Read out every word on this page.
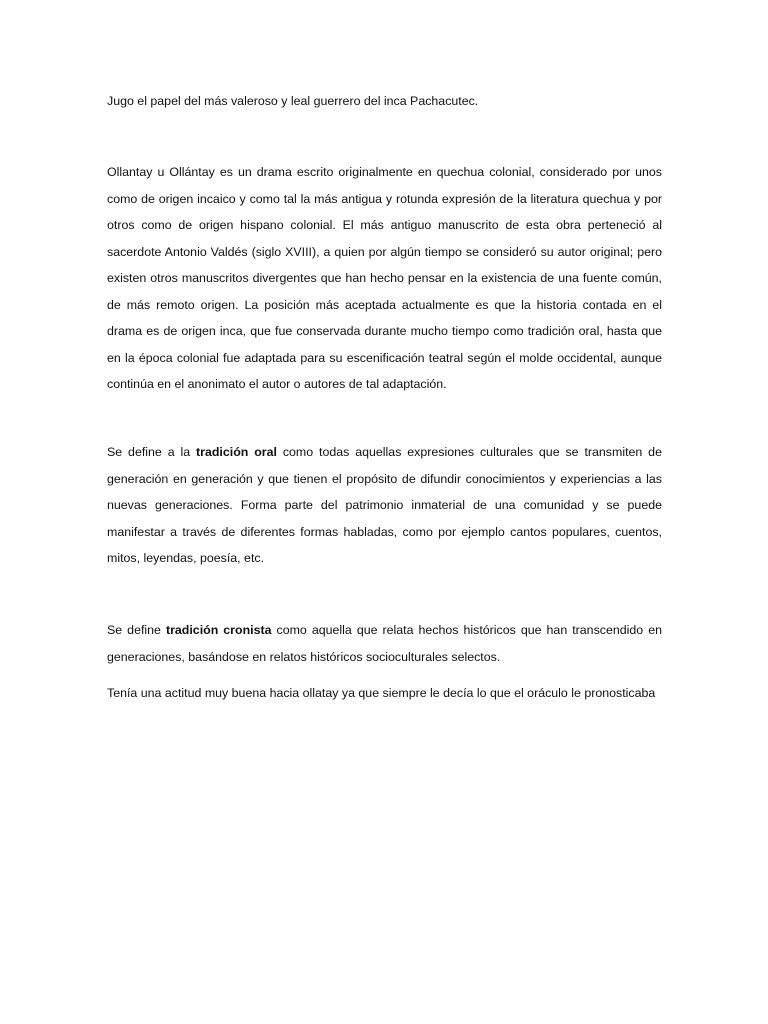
Jugo el papel del más valeroso y leal guerrero del inca Pachacutec.

Ollantay u Ollántay es un drama escrito originalmente en quechua colonial, considerado por unos como de origen incaico y como tal la más antigua y rotunda expresión de la literatura quechua y por otros como de origen hispano colonial. El más antiguo manuscrito de esta obra perteneció al sacerdote Antonio Valdés (siglo XVIII), a quien por algún tiempo se consideró su autor original; pero existen otros manuscritos divergentes que han hecho pensar en la existencia de una fuente común, de más remoto origen. La posición más aceptada actualmente es que la historia contada en el drama es de origen inca, que fue conservada durante mucho tiempo como tradición oral, hasta que en la época colonial fue adaptada para su escenificación teatral según el molde occidental, aunque continúa en el anonimato el autor o autores de tal adaptación.

Se define a la tradición oral como todas aquellas expresiones culturales que se transmiten de generación en generación y que tienen el propósito de difundir conocimientos y experiencias a las nuevas generaciones. Forma parte del patrimonio inmaterial de una comunidad y se puede manifestar a través de diferentes formas habladas, como por ejemplo cantos populares, cuentos, mitos, leyendas, poesía, etc.

Se define tradición cronista como aquella que relata hechos históricos que han transcendido en generaciones, basándose en relatos históricos socioculturales selectos.

Tenía una actitud muy buena hacia ollatay ya que siempre le decía lo que el oráculo le pronosticaba
